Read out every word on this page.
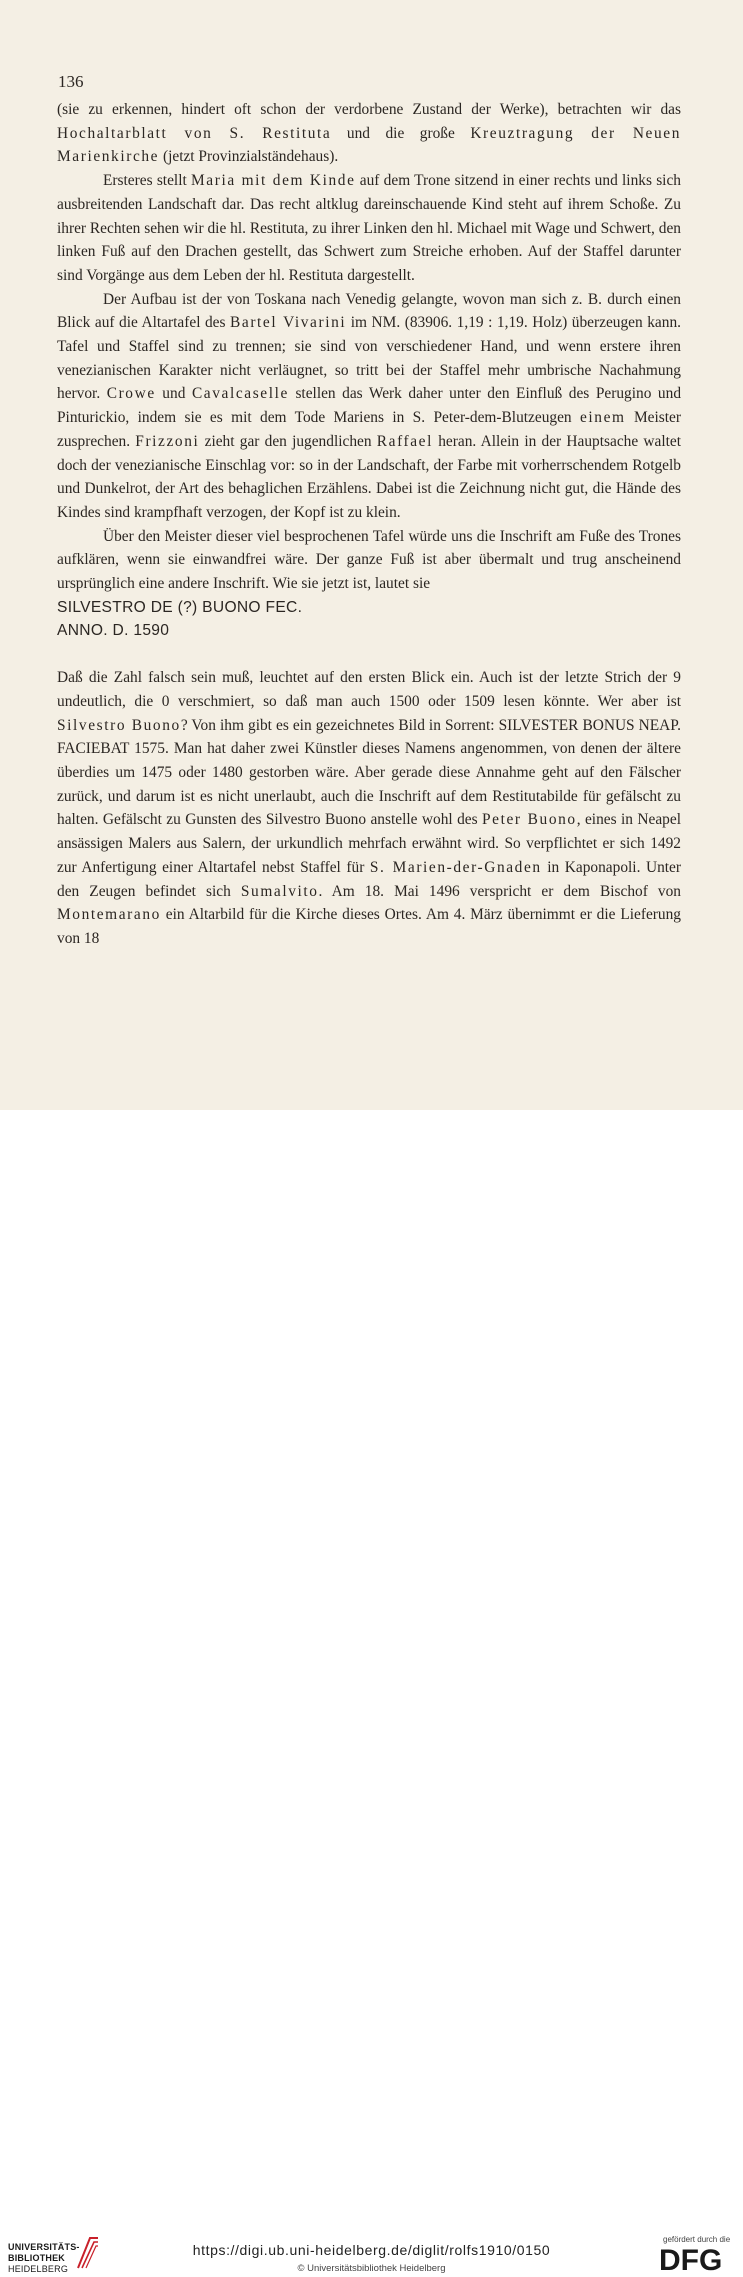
136

(sie zu erkennen, hindert oft schon der verdorbene Zustand der Werke), betrachten wir das Hochaltarblatt von S. Restituta und die große Kreuztragung der Neuen Marienkirche (jetzt Provinzialständehaus).

Ersteres stellt Maria mit dem Kinde auf dem Trone sitzend in einer rechts und links sich ausbreitenden Landschaft dar. Das recht altklug dareinschauende Kind steht auf ihrem Schoße. Zu ihrer Rechten sehen wir die hl. Restituta, zu ihrer Linken den hl. Michael mit Wage und Schwert, den linken Fuß auf den Drachen gestellt, das Schwert zum Streiche erhoben. Auf der Staffel darunter sind Vorgänge aus dem Leben der hl. Restituta dargestellt.

Der Aufbau ist der von Toskana nach Venedig gelangte, wovon man sich z. B. durch einen Blick auf die Altartafel des Bartel Vivarini im NM. (83906. 1,19 : 1,19. Holz) überzeugen kann. Tafel und Staffel sind zu trennen; sie sind von verschiedener Hand, und wenn erstere ihren venezianischen Karakter nicht verläugnet, so tritt bei der Staffel mehr umbrische Nachahmung hervor. Crowe und Cavalcaselle stellen das Werk daher unter den Einfluß des Perugino und Pinturickio, indem sie es mit dem Tode Mariens in S. Peter-dem-Blutzeugen einem Meister zusprechen. Frizzoni zieht gar den jugendlichen Raffael heran. Allein in der Hauptsache waltet doch der venezianische Einschlag vor: so in der Landschaft, der Farbe mit vorherrschendem Rotgelb und Dunkelrot, der Art des behaglichen Erzählens. Dabei ist die Zeichnung nicht gut, die Hände des Kindes sind krampfhaft verzogen, der Kopf ist zu klein.

Über den Meister dieser viel besprochenen Tafel würde uns die Inschrift am Fuße des Trones aufklären, wenn sie einwandfrei wäre. Der ganze Fuß ist aber übermalt und trug anscheinend ursprünglich eine andere Inschrift. Wie sie jetzt ist, lautet sie

SILVESTRO DE (?) BUONO FEC.

ANNO. D. 1590

Daß die Zahl falsch sein muß, leuchtet auf den ersten Blick ein. Auch ist der letzte Strich der 9 undeutlich, die 0 verschmiert, so daß man auch 1500 oder 1509 lesen könnte. Wer aber ist Silvestro Buono? Von ihm gibt es ein gezeichnetes Bild in Sorrent: SILVESTER BONUS NEAP. FACIEBAT 1575. Man hat daher zwei Künstler dieses Namens angenommen, von denen der ältere überdies um 1475 oder 1480 gestorben wäre. Aber gerade diese Annahme geht auf den Fälscher zurück, und darum ist es nicht unerlaubt, auch die Inschrift auf dem Restitutabilde für gefälscht zu halten. Gefälscht zu Gunsten des Silvestro Buono anstelle wohl des Peter Buono, eines in Neapel ansässigen Malers aus Salern, der urkundlich mehrfach erwähnt wird. So verpflichtet er sich 1492 zur Anfertigung einer Altartafel nebst Staffel für S. Marien-der-Gnaden in Kaponapoli. Unter den Zeugen befindet sich Sumalvito. Am 18. Mai 1496 verspricht er dem Bischof von Montemarano ein Altarbild für die Kirche dieses Ortes. Am 4. März übernimmt er die Lieferung von 18

UNIVERSITÄTS-
BIBLIOTHEK
HEIDELBERG
https://digi.ub.uni-heidelberg.de/diglit/rolfs1910/0150
© Universitätsbibliothek Heidelberg
gefördert durch die
DFG
